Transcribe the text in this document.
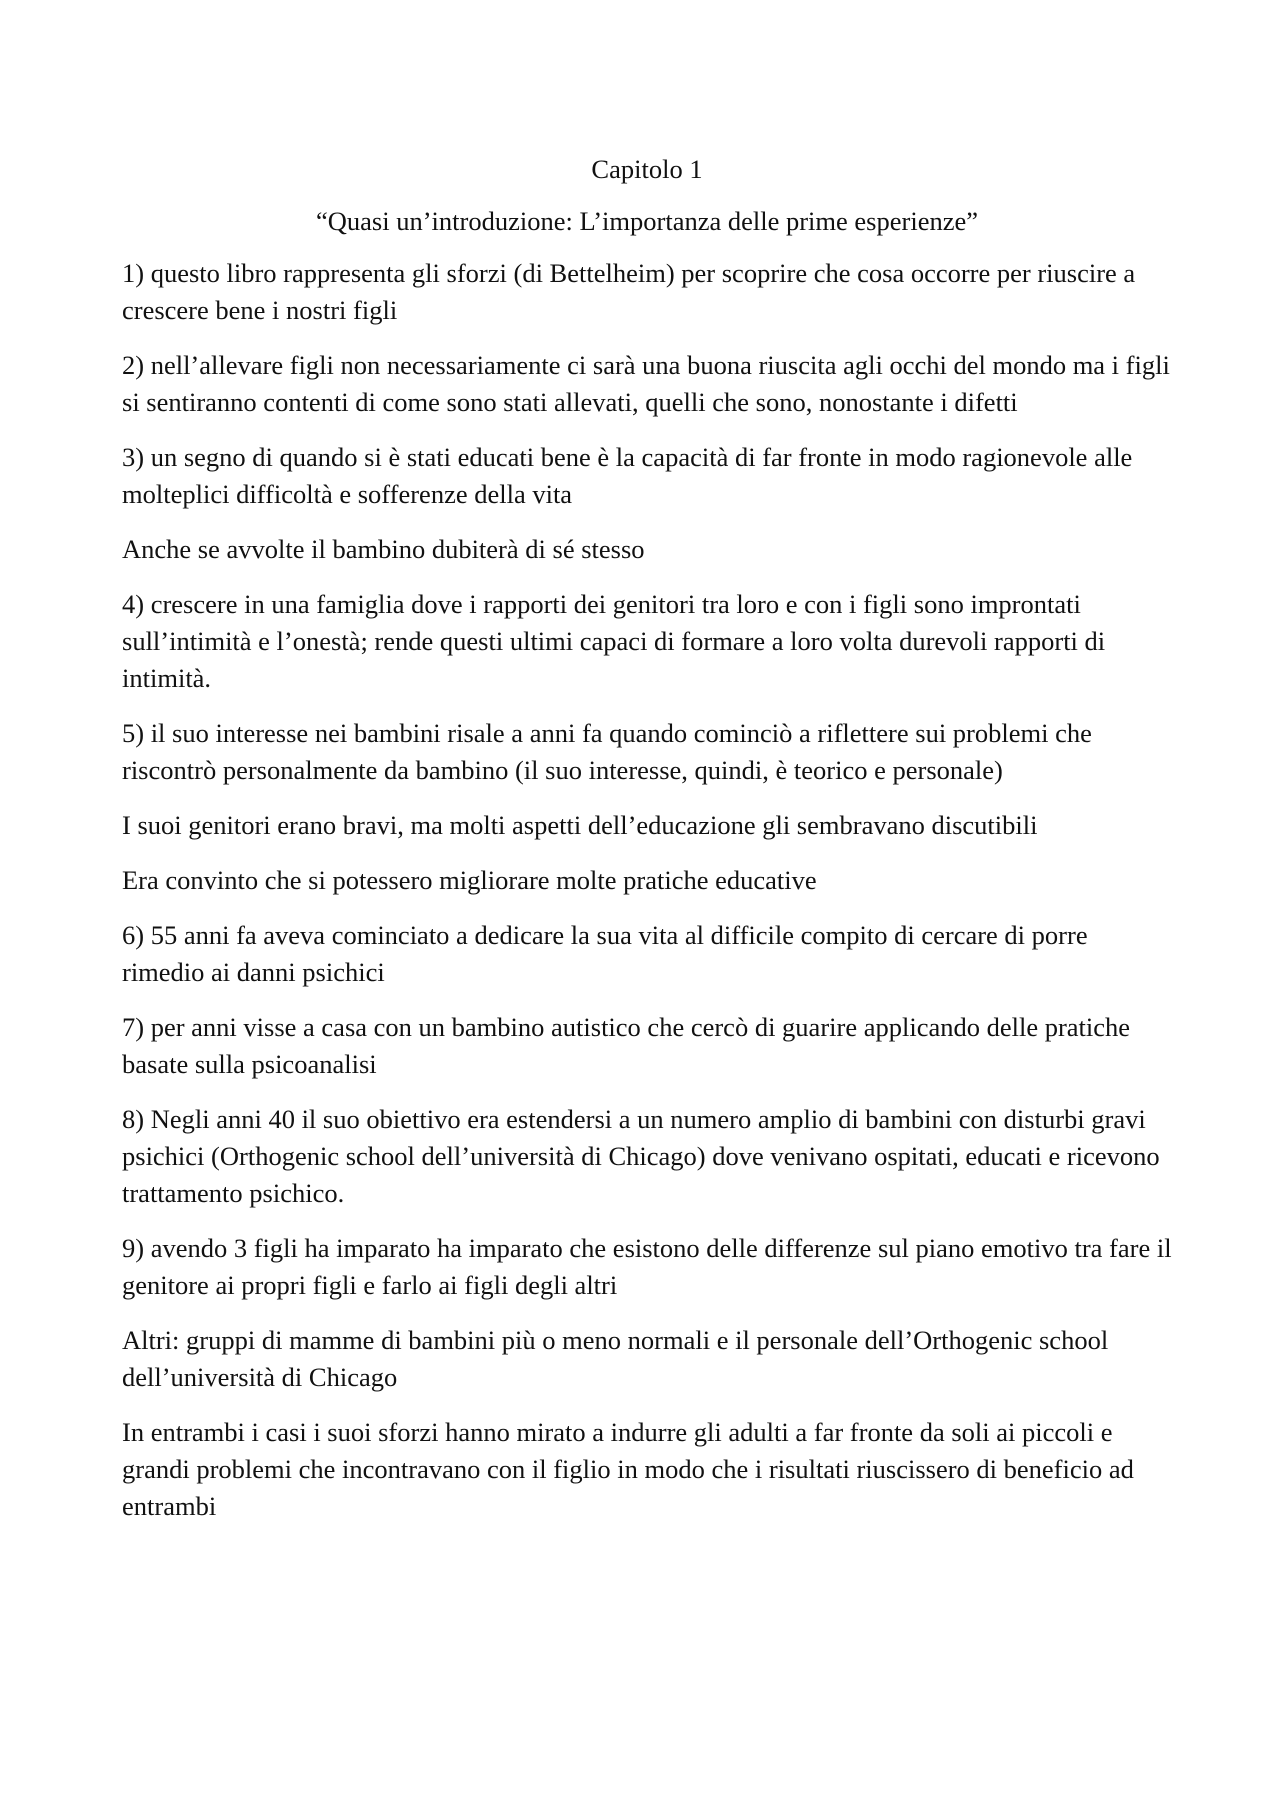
Capitolo 1
“Quasi un’introduzione: L’importanza delle prime esperienze”

1) questo libro rappresenta gli sforzi (di Bettelheim) per scoprire che cosa occorre per riuscire a crescere bene i nostri figli

2) nell’allevare figli non necessariamente ci sarà una buona riuscita agli occhi del mondo ma i figli si sentiranno contenti di come sono stati allevati, quelli che sono, nonostante i difetti

3) un segno di quando si è stati educati bene è la capacità di far fronte in modo ragionevole alle molteplici difficoltà e sofferenze della vita

Anche se avvolte il bambino dubiterà di sé stesso

4) crescere in una famiglia dove i rapporti dei genitori tra loro e con i figli sono improntati sull’intimità e l’onestà; rende questi ultimi capaci di formare a loro volta durevoli rapporti di intimità.

5) il suo interesse nei bambini risale a anni fa quando cominciò a riflettere sui problemi che riscontrò personalmente da bambino (il suo interesse, quindi, è teorico e personale)

I suoi genitori erano bravi, ma molti aspetti dell’educazione gli sembravano discutibili

Era convinto che si potessero migliorare molte pratiche educative

6) 55 anni fa aveva cominciato a dedicare la sua vita al difficile compito di cercare di porre rimedio ai danni psichici

7) per anni visse a casa con un bambino autistico che cercò di guarire applicando delle pratiche basate sulla psicoanalisi

8) Negli anni 40 il suo obiettivo era estendersi a un numero amplio di bambini con disturbi gravi psichici (Orthogenic school dell’università di Chicago) dove venivano ospitati, educati e ricevono trattamento psichico.

9) avendo 3 figli ha imparato ha imparato che esistono delle differenze sul piano emotivo tra fare il genitore ai propri figli e farlo ai figli degli altri

Altri: gruppi di mamme di bambini più o meno normali e il personale dell’Orthogenic school dell’università di Chicago

In entrambi i casi i suoi sforzi hanno mirato a indurre gli adulti a far fronte da soli ai piccoli e grandi problemi che incontravano con il figlio in modo che i risultati riuscissero di beneficio ad entrambi
